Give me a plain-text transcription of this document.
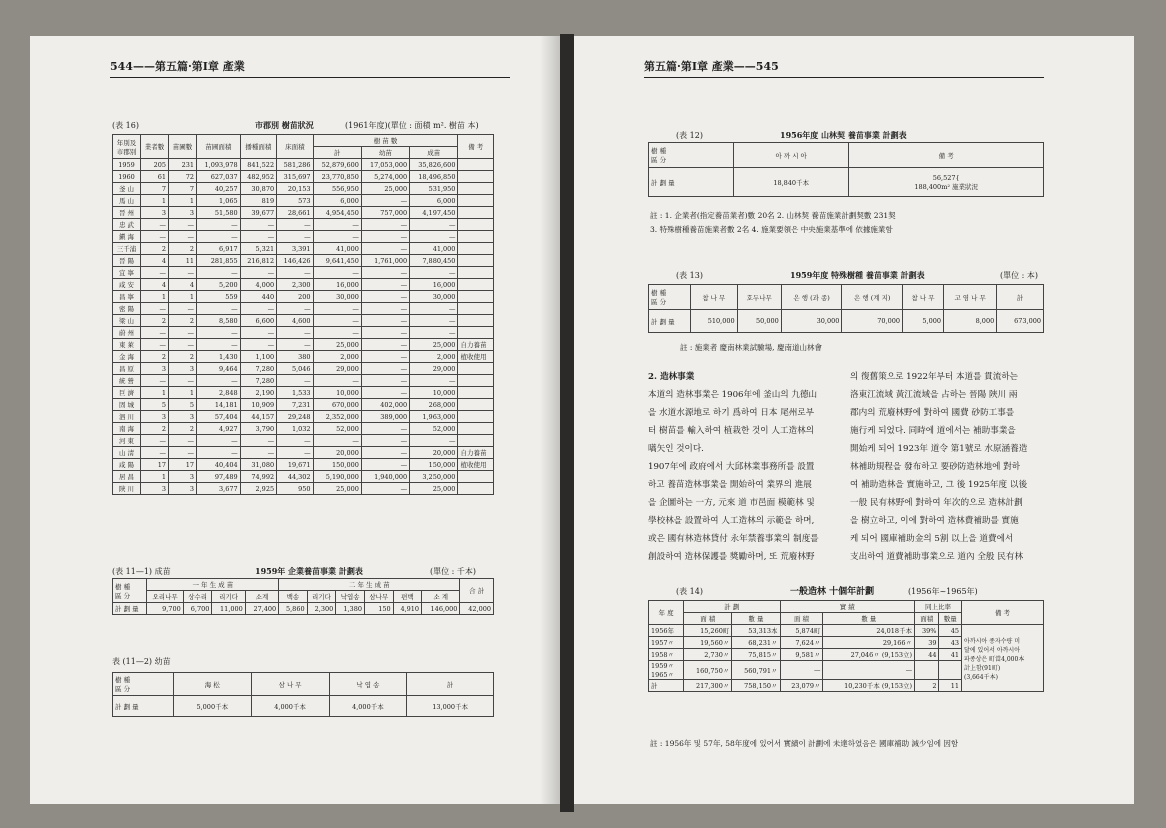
544——第五篇·第Ⅰ章 產業
(表 16)	市郡別 樹苗狀況	(1961年度)(單位 : 面積 m². 樹苗 本)
年別及
市郡別	業者數	苗圃數	苗圃面積	播種面積	床面積	樹 苗 數			備 考
						計	幼苗	成苗	
1959	205	231	1,093,978	841,522	581,286	52,879,600	17,053,000	35,826,600	
1960	61	72	627,037	482,952	315,697	23,770,850	5,274,000	18,496,850	
釜 山	7	7	40,257	30,870	20,153	556,950	25,000	531,950	
馬 山	1	1	1,065	819	573	6,000	—	6,000	
晉 州	3	3	51,580	39,677	28,661	4,954,450	757,000	4,197,450	
忠 武	—	—	—	—	—	—	—	—	
鎭 海	—	—	—	—	—	—	—	—	
三千浦	2	2	6,917	5,321	3,391	41,000	—	41,000	
晉 陽	4	11	281,855	216,812	146,426	9,641,450	1,761,000	7,880,450	
宜 寧	—	—	—	—	—	—	—	—	
咸 安	4	4	5,200	4,000	2,300	16,000	—	16,000	
昌 寧	1	1	559	440	200	30,000	—	30,000	
密 陽	—	—	—	—	—	—	—	—	
梁 山	2	2	8,580	6,600	4,600	—	—	—	
蔚 州	—	—	—	—	—	—	—	—	
東 萊	—	—	—	—	—	25,000	—	25,000	自力養苗
金 海	2	2	1,430	1,100	380	2,000	—	2,000	植收使用
昌 原	3	3	9,464	7,280	5,046	29,000	—	29,000	
統 營	—	—	—	7,280	—	—	—	—	
巨 濟	1	1	2,848	2,190	1,533	10,000	—	10,000	
固 城	5	5	14,181	10,909	7,231	670,000	402,000	268,000	
泗 川	3	3	57,404	44,157	29,248	2,352,000	389,000	1,963,000	
南 海	2	2	4,927	3,790	1,032	52,000	—	52,000	
河 東	—	—	—	—	—	—	—	—	
山 淸	—	—	—	—	—	20,000	—	20,000	自力養苗
咸 陽	17	17	40,404	31,080	19,671	150,000	—	150,000	植收使用
居 昌	1	3	97,489	74,992	44,302	5,190,000	1,940,000	3,250,000	
陜 川	3	3	3,677	2,925	950	25,000	—	25,000	
(表 11—1) 成苗	1959年 企業養苗事業 計劃表	(單位 : 千本)
樹 種
區 分	一 年 生 成 苗				二 年 生 成 苗						合 計
	오리나무	상수리	리기다	소계	백송	리기다	낙엽송	삼나무	편백	소 계	
計 劃 量	9,700	6,700	11,000	27,400	5,860	2,300	1,380	150	4,910	146,000	42,000
表 (11—2) 幼苗
樹 種
區 分	海 松	삼 나 무	낙 엽 송	計
計 劃 量	5,000千本	4,000千本	4,000千本	13,000千本
第五篇·第Ⅰ章 產業——545
(表 12)	1956年度 山林契 養苗事業 計劃表
樹 種
區 分	아 까 시 아	備 考
計 劃 量	18,840千本	56,527{
188,400m² 施業狀況
註 : 1. 企業者(指定養苗業者)數 20名 2. 山林契 養苗施業計劃契數 231契
3. 特殊樹種養苗施業者數 2名 4. 施業要領은 中央施業基準에 依據施業함
(表 13)	1959年度 特殊樹種 養苗事業 計劃表	(單位 : 本)
樹 種
區 分	참 나 무	호두나무	은 행 (과 종)	은 행 (계 지)	참 나 무	고 염 나 무	計
計 劃 量	510,000	50,000	30,000	70,000	5,000	8,000	673,000
註 : 施業者 慶南林業試驗場, 慶南道山林會
2. 造林事業
本道의 造林事業은 1906年에 釜山의 九德山
을 水道水源地로 하기 爲하여 日本 尾州로부
터 樹苗를 輸入하여 植栽한 것이 人工造林의
嚆矢인 것이다.
1907年에 政府에서 大邱林業事務所를 設置
하고 養苗造林事業을 開始하여 業界의 進展
을 企圖하는 一方, 元來 道 市邑面 模範林 및
學校林을 設置하여 人工造林의 示範을 하며,
或은 國有林造林貸付 永年禁養事業의 制度를
創設하여 造林保護를 獎勵하며, 또 荒廢林野
의 復舊策으로 1922年부터 本道를 貫流하는
洛東江流域 黃江流域을 占하는 晉陽 陜川 兩
郡内의 荒廢林野에 對하여 國費 砂防工事를
施行케 되었다. 同時에 道에서는 補助事業을
開始케 되어 1923年 道令 第1號로 水原涵養造
林補助規程을 發布하고 要砂防造林地에 對하
여 補助造林을 實施하고, 그 後 1925年度 以後
一般 民有林野에 對하여 年次的으로 造林計劃
을 樹立하고, 이에 對하여 造林費補助를 實施
케 되어 國庫補助金의 5割 以上을 道費에서
支出하여 道費補助事業으로 道內 全般 民有林
(表 14)	一般造林 十個年計劃	(1956年~1965年)
年 度	計 劃		實 績		同上比率		備 考
	面 積	數 量	面 積	數 量	面積	數量	
1956年	15,260町	53,313本	5,874町	24,018千本	39%	45	아까시아 종자수량 미
달에 있어서 아까시아
파종상은 町當4,000本
計上함(91町)
(3,664千本)
1957〃	19,560〃	68,231〃	7,624〃	29,166〃	39	43	
1958〃	2,730〃	75,815〃	9,581〃	27,046〃 (9,153立)	44	41	
1959〃
1965〃	160,750〃	560,791〃	—	—			
計	217,300〃	758,150〃	23,079〃	10,230千本 (9,153立)	2	11	
註 : 1956年 및 57年, 58年度에 있어서 實績이 計劃에 未達하였음은 國庫補助 減少임에 因함
